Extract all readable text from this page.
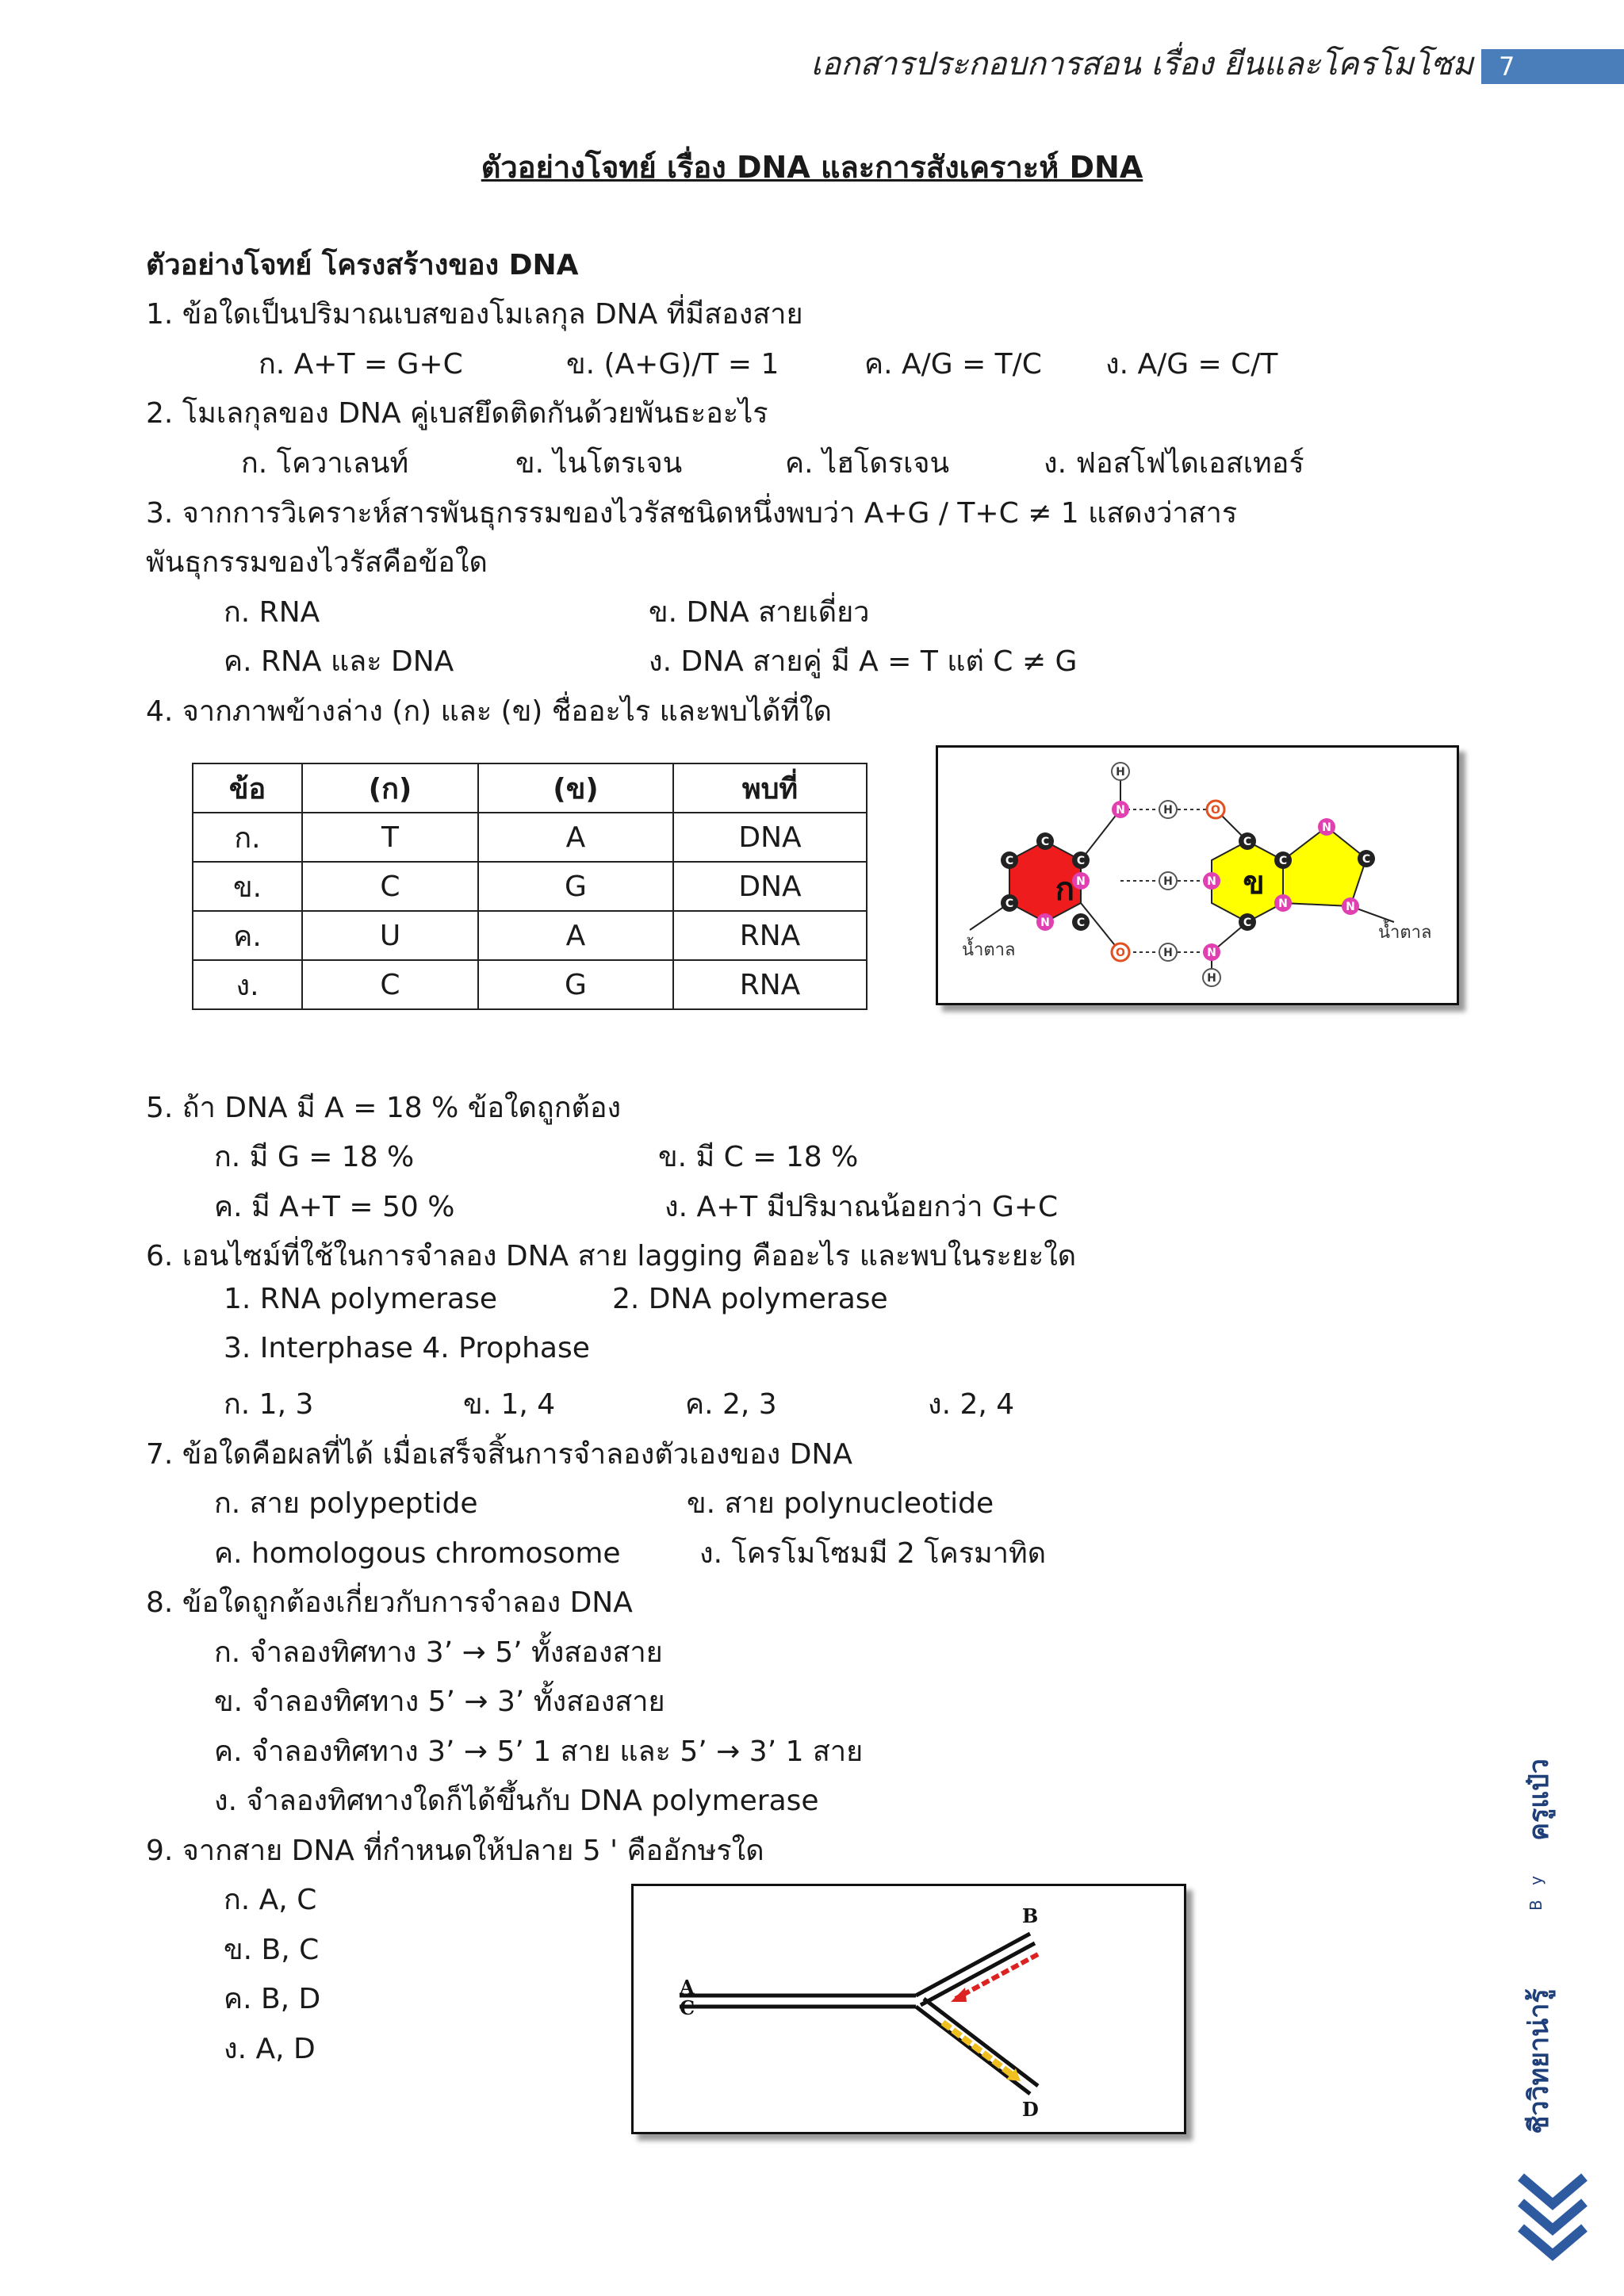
เอกสารประกอบการสอน เรื่อง ยีนและโครโมโซม	7
ตัวอย่างโจทย์ เรื่อง DNA และการสังเคราะห์ DNA
ตัวอย่างโจทย์ โครงสร้างของ DNA
1. ข้อใดเป็นปริมาณเบสของโมเลกุล DNA ที่มีสองสาย
ก. A+T = G+C	ข. (A+G)/T = 1	ค. A/G = T/C ง. A/G = C/T
2. โมเลกุลของ DNA คู่เบสยึดติดกันด้วยพันธะอะไร
ก. โควาเลนท์	ข. ไนโตรเจน	ค. ไฮโดรเจน	ง. ฟอสโฟไดเอสเทอร์
3. จากการวิเคราะห์สารพันธุกรรมของไวรัสชนิดหนึ่งพบว่า A+G / T+C ≠ 1 แสดงว่าสาร
พันธุกรรมของไวรัสคือข้อใด
ก. RNA	ข. DNA สายเดี่ยว
ค. RNA และ DNA	ง. DNA สายคู่ มี A = T แต่ C ≠ G
4. จากภาพข้างล่าง (ก) และ (ข) ชื่ออะไร และพบได้ที่ใด
ข้อ	(ก)	(ข)	พบที่
ก.	T	A	DNA
ข.	C	G	DNA
ค.	U	A	RNA
ง.	C	G	RNA
H
N	H	O
C
C
C
C
N
N C
O
H	N
H	N
H
C
C
C
N
N
C
N
ก	ข
น้ำตาล
น้ำตาล
5. ถ้า DNA มี A = 18 % ข้อใดถูกต้อง
ก. มี G = 18 %	ข. มี C = 18 %
ค. มี A+T = 50 %	ง. A+T มีปริมาณน้อยกว่า G+C
6. เอนไซม์ที่ใช้ในการจำลอง DNA สาย lagging คืออะไร และพบในระยะใด
1. RNA polymerase	2. DNA polymerase
3. Interphase 4. Prophase
ก. 1, 3	ข. 1, 4	ค. 2, 3	ง. 2, 4
7. ข้อใดคือผลที่ได้ เมื่อเสร็จสิ้นการจำลองตัวเองของ DNA
ก. สาย polypeptide	ข. สาย polynucleotide
ค. homologous chromosome	ง. โครโมโซมมี 2 โครมาทิด
8. ข้อใดถูกต้องเกี่ยวกับการจำลอง DNA
ก. จำลองทิศทาง 3’ → 5’ ทั้งสองสาย
ข. จำลองทิศทาง 5’ → 3’ ทั้งสองสาย
ค. จำลองทิศทาง 3’ → 5’ 1 สาย และ 5’ → 3’ 1 สาย
ง. จำลองทิศทางใดก็ได้ขึ้นกับ DNA polymerase
9. จากสาย DNA ที่กำหนดให้ปลาย 5 ' คืออักษรใด
ก. A, C
ข. B, C
ค. B, D
ง. A, D
B
A
C
D
ครูแป๋ว
B y
ชีววิทยาน่ารู้
